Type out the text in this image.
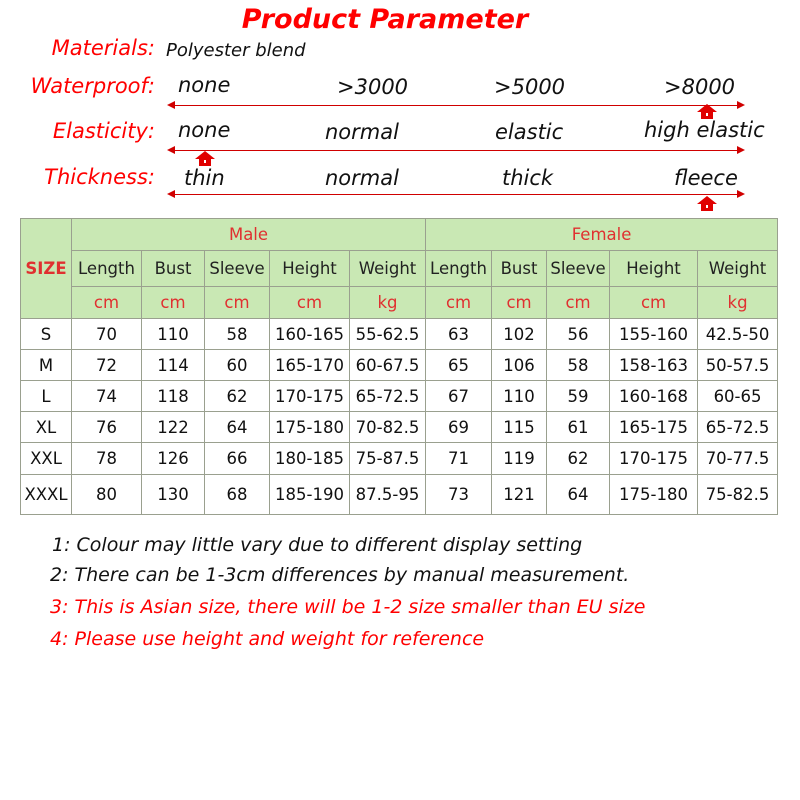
Product Parameter
Materials: Polyester blend
Waterproof: none	>3000	>5000	>8000
Elasticity: none	normal	elastic	high elastic
Thickness: thin	normal	thick	fleece
SIZE	Male					Female				
	Length	Bust	Sleeve	Height	Weight	Length	Bust	Sleeve	Height	Weight
	cm	cm	cm	cm	kg	cm	cm	cm	cm	kg
S	70	110	58	160-165	55-62.5	63	102	56	155-160	42.5-50
M	72	114	60	165-170	60-67.5	65	106	58	158-163	50-57.5
L	74	118	62	170-175	65-72.5	67	110	59	160-168	60-65
XL	76	122	64	175-180	70-82.5	69	115	61	165-175	65-72.5
XXL	78	126	66	180-185	75-87.5	71	119	62	170-175	70-77.5
XXXL	80	130	68	185-190	87.5-95	73	121	64	175-180	75-82.5
1: Colour may little vary due to different display setting
2: There can be 1-3cm differences by manual measurement.
3: This is Asian size, there will be 1-2 size smaller than EU size
4: Please use height and weight for reference
